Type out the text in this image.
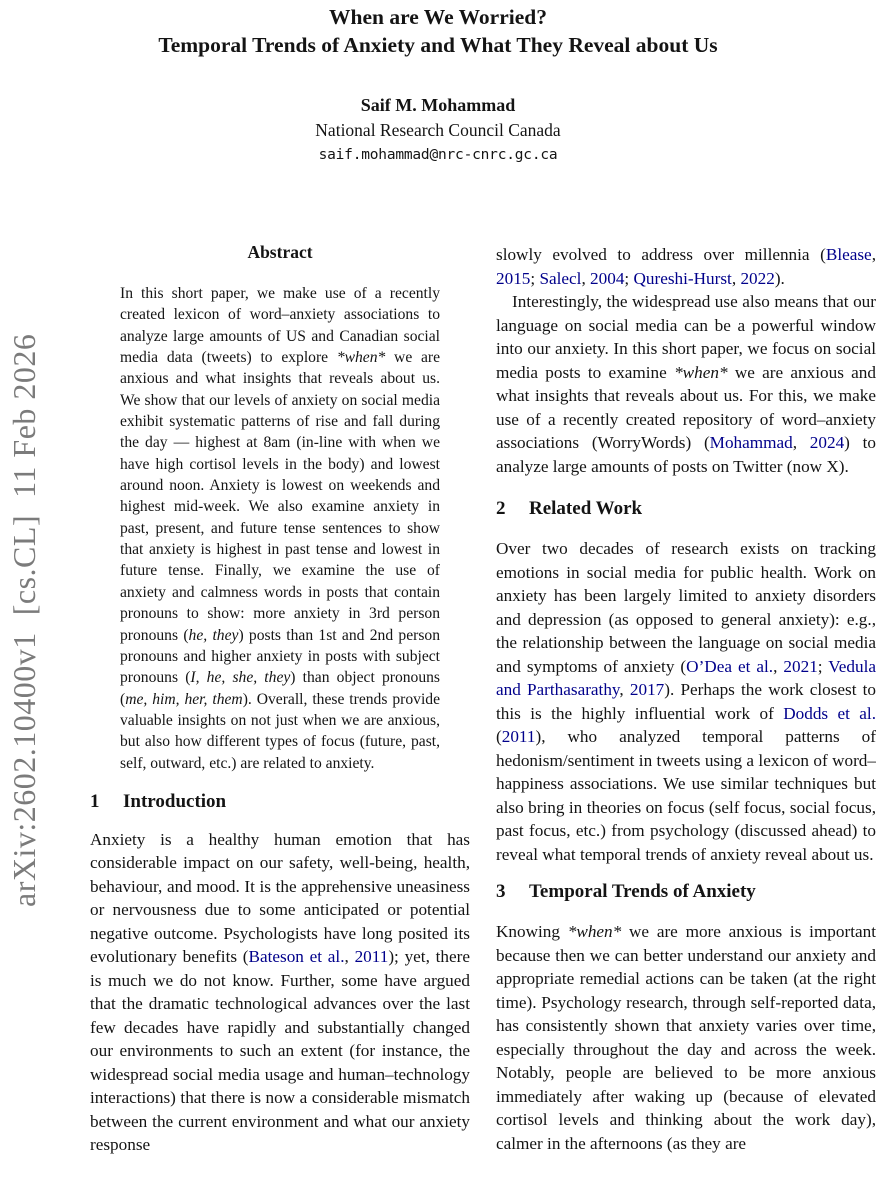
arXiv:2602.10400v1  [cs.CL]  11 Feb 2026
When are We Worried?
Temporal Trends of Anxiety and What They Reveal about Us
Saif M. Mohammad
National Research Council Canada
saif.mohammad@nrc-cnrc.gc.ca
Abstract

In this short paper, we make use of a recently created lexicon of word–anxiety associations to analyze large amounts of US and Canadian social media data (tweets) to explore *when* we are anxious and what insights that reveals about us. We show that our levels of anxiety on social media exhibit systematic patterns of rise and fall during the day — highest at 8am (in-line with when we have high cortisol levels in the body) and lowest around noon. Anxiety is lowest on weekends and highest mid-week. We also examine anxiety in past, present, and future tense sentences to show that anxiety is highest in past tense and lowest in future tense. Finally, we examine the use of anxiety and calmness words in posts that contain pronouns to show: more anxiety in 3rd person pronouns (he, they) posts than 1st and 2nd person pronouns and higher anxiety in posts with subject pronouns (I, he, she, they) than object pronouns (me, him, her, them). Overall, these trends provide valuable insights on not just when we are anxious, but also how different types of focus (future, past, self, outward, etc.) are related to anxiety.

1 Introduction

Anxiety is a healthy human emotion that has considerable impact on our safety, well-being, health, behaviour, and mood. It is the apprehensive uneasiness or nervousness due to some anticipated or potential negative outcome. Psychologists have long posited its evolutionary benefits (Bateson et al., 2011); yet, there is much we do not know. Further, some have argued that the dramatic technological advances over the last few decades have rapidly and substantially changed our environments to such an extent (for instance, the widespread social media usage and human–technology interactions) that there is now a considerable mismatch between the current environment and what our anxiety response

slowly evolved to address over millennia (Blease, 2015; Salecl, 2004; Qureshi-Hurst, 2022).

Interestingly, the widespread use also means that our language on social media can be a powerful window into our anxiety. In this short paper, we focus on social media posts to examine *when* we are anxious and what insights that reveals about us. For this, we make use of a recently created repository of word–anxiety associations (WorryWords) (Mohammad, 2024) to analyze large amounts of posts on Twitter (now X).

2 Related Work

Over two decades of research exists on tracking emotions in social media for public health. Work on anxiety has been largely limited to anxiety disorders and depression (as opposed to general anxiety): e.g., the relationship between the language on social media and symptoms of anxiety (O’Dea et al., 2021; Vedula and Parthasarathy, 2017). Perhaps the work closest to this is the highly influential work of Dodds et al. (2011), who analyzed temporal patterns of hedonism/sentiment in tweets using a lexicon of word–happiness associations. We use similar techniques but also bring in theories on focus (self focus, social focus, past focus, etc.) from psychology (discussed ahead) to reveal what temporal trends of anxiety reveal about us.

3 Temporal Trends of Anxiety

Knowing *when* we are more anxious is important because then we can better understand our anxiety and appropriate remedial actions can be taken (at the right time). Psychology research, through self-reported data, has consistently shown that anxiety varies over time, especially throughout the day and across the week. Notably, people are believed to be more anxious immediately after waking up (because of elevated cortisol levels and thinking about the work day), calmer in the afternoons (as they are
